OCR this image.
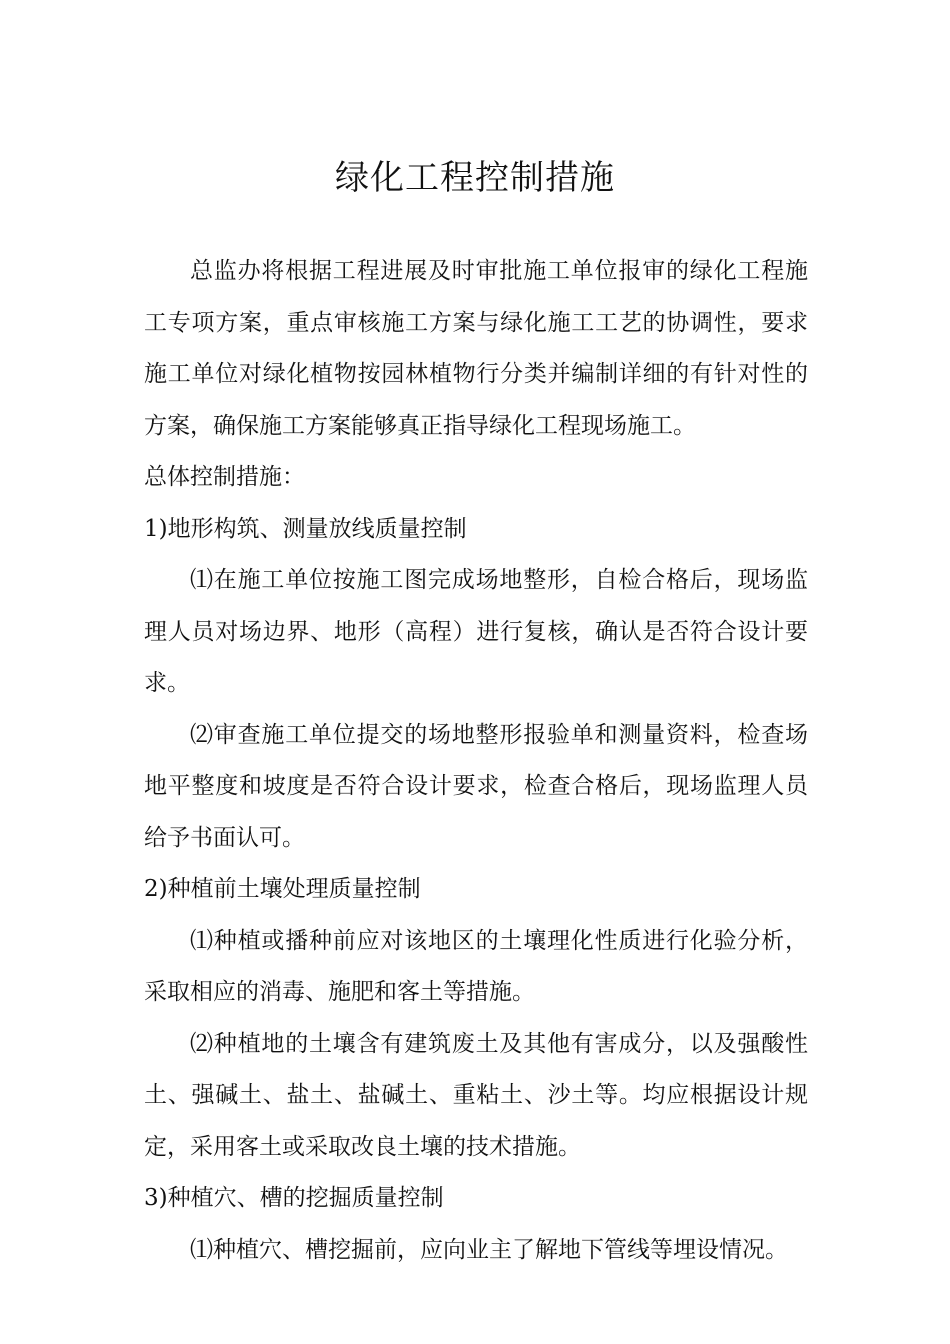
绿化工程控制措施

总监办将根据工程进展及时审批施工单位报审的绿化工程施工专项方案，重点审核施工方案与绿化施工工艺的协调性，要求施工单位对绿化植物按园林植物行分类并编制详细的有针对性的方案，确保施工方案能够真正指导绿化工程现场施工。

总体控制措施：

1)地形构筑、测量放线质量控制

⑴在施工单位按施工图完成场地整形，自检合格后，现场监理人员对场边界、地形（高程）进行复核，确认是否符合设计要求。

⑵审查施工单位提交的场地整形报验单和测量资料，检查场地平整度和坡度是否符合设计要求，检查合格后，现场监理人员给予书面认可。

2)种植前土壤处理质量控制

⑴种植或播种前应对该地区的土壤理化性质进行化验分析，采取相应的消毒、施肥和客土等措施。

⑵种植地的土壤含有建筑废土及其他有害成分，以及强酸性土、强碱土、盐土、盐碱土、重粘土、沙土等。均应根据设计规定，采用客土或采取改良土壤的技术措施。

3)种植穴、槽的挖掘质量控制

⑴种植穴、槽挖掘前，应向业主了解地下管线等埋设情况。
